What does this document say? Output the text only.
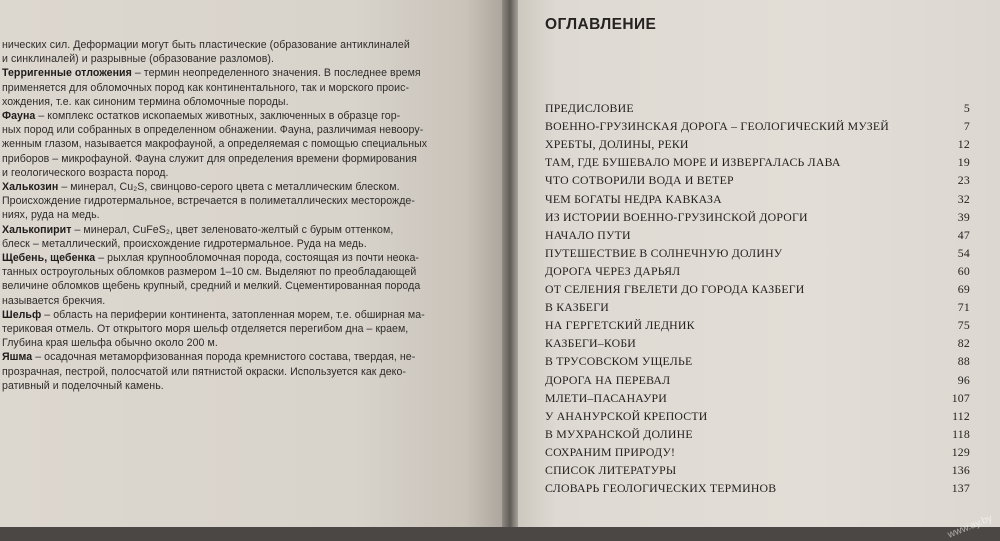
ническ​их сил. Деформации могут быть пластические (образование антиклиналей
и синклиналей) и разрывные (образование разломов).
Терригенные отложения – термин неопределенного значения. В последнее время
применяется для обломочных пород как континентального, так и морского проис-
хождения, т.е. как синоним термина обломочные породы.
Фауна – комплекс остатков ископаемых животных, заключенных в образце гор-
ных пород или собранных в определенном обнажении. Фауна, различимая невоору-
женным глазом, называется макрофауной, а определяемая с помощью специальных
приборов – микрофауной. Фауна служит для определения времени формирования
и геологического возраста пород.
Халькозин – минерал, Cu₂S, свинцово-серого цвета с металлическим блеском.
Происхождение гидротермальное, встречается в полиметаллических месторожде-
ниях, руда на медь.
Халькопирит – минерал, CuFeS₂, цвет зеленовато-желтый с бурым оттенком,
блеск – металлический, происхождение гидротермальное. Руда на медь.
Щебень, щебенка – рыхлая крупнообломочная порода, состоящая из почти неока-
танных остроугольных обломков размером 1–10 см. Выделяют по преобладающей
величине обломков щебень крупный, средний и мелкий. Сцементированная порода
называется брекчия.
Шельф – область на периферии континента, затопленная морем, т.е. обширная ма-
териковая отмель. От открытого моря шельф отделяется перегибом дна – краем,
Глубина края шельфа обычно около 200 м.
Яшма – осадочная метаморфизованная порода кремнистого состава, твердая, не-
прозрачная, пестрой, полосчатой или пятнистой окраски. Используется как деко-
ративный и поделочный камень.
ОГЛАВЛЕНИЕ
ПРЕДИСЛОВИЕ	5
ВОЕННО-ГРУЗИНСКАЯ ДОРОГА – ГЕОЛОГИЧЕСКИЙ МУЗЕЙ	7
ХРЕБТЫ, ДОЛИНЫ, РЕКИ	12
ТАМ, ГДЕ БУШЕВАЛО МОРЕ И ИЗВЕРГАЛАСЬ ЛАВА	19
ЧТО СОТВОРИЛИ ВОДА И ВЕТЕР	23
ЧЕМ БОГАТЫ НЕДРА КАВКАЗА	32
ИЗ ИСТОРИИ ВОЕННО-ГРУЗИНСКОЙ ДОРОГИ	39
НАЧАЛО ПУТИ	47
ПУТЕШЕСТВИЕ В СОЛНЕЧНУЮ ДОЛИНУ	54
ДОРОГА ЧЕРЕЗ ДАРЬЯЛ	60
ОТ СЕЛЕНИЯ ГВЕЛЕТИ ДО ГОРОДА КАЗБЕГИ	69
В КАЗБЕГИ	71
НА ГЕРГЕТСКИЙ ЛЕДНИК	75
КАЗБЕГИ–КОБИ	82
В ТРУСОВСКОМ УЩЕЛЬЕ	88
ДОРОГА НА ПЕРЕВАЛ	96
МЛЕТИ–ПАСАНАУРИ	107
У АНАНУРСКОЙ КРЕПОСТИ	112
В МУХРАНСКОЙ ДОЛИНЕ	118
СОХРАНИМ ПРИРОДУ!	129
СПИСОК ЛИТЕРАТУРЫ	136
СЛОВАРЬ ГЕОЛОГИЧЕСКИХ ТЕРМИНОВ	137
www.ay.by
